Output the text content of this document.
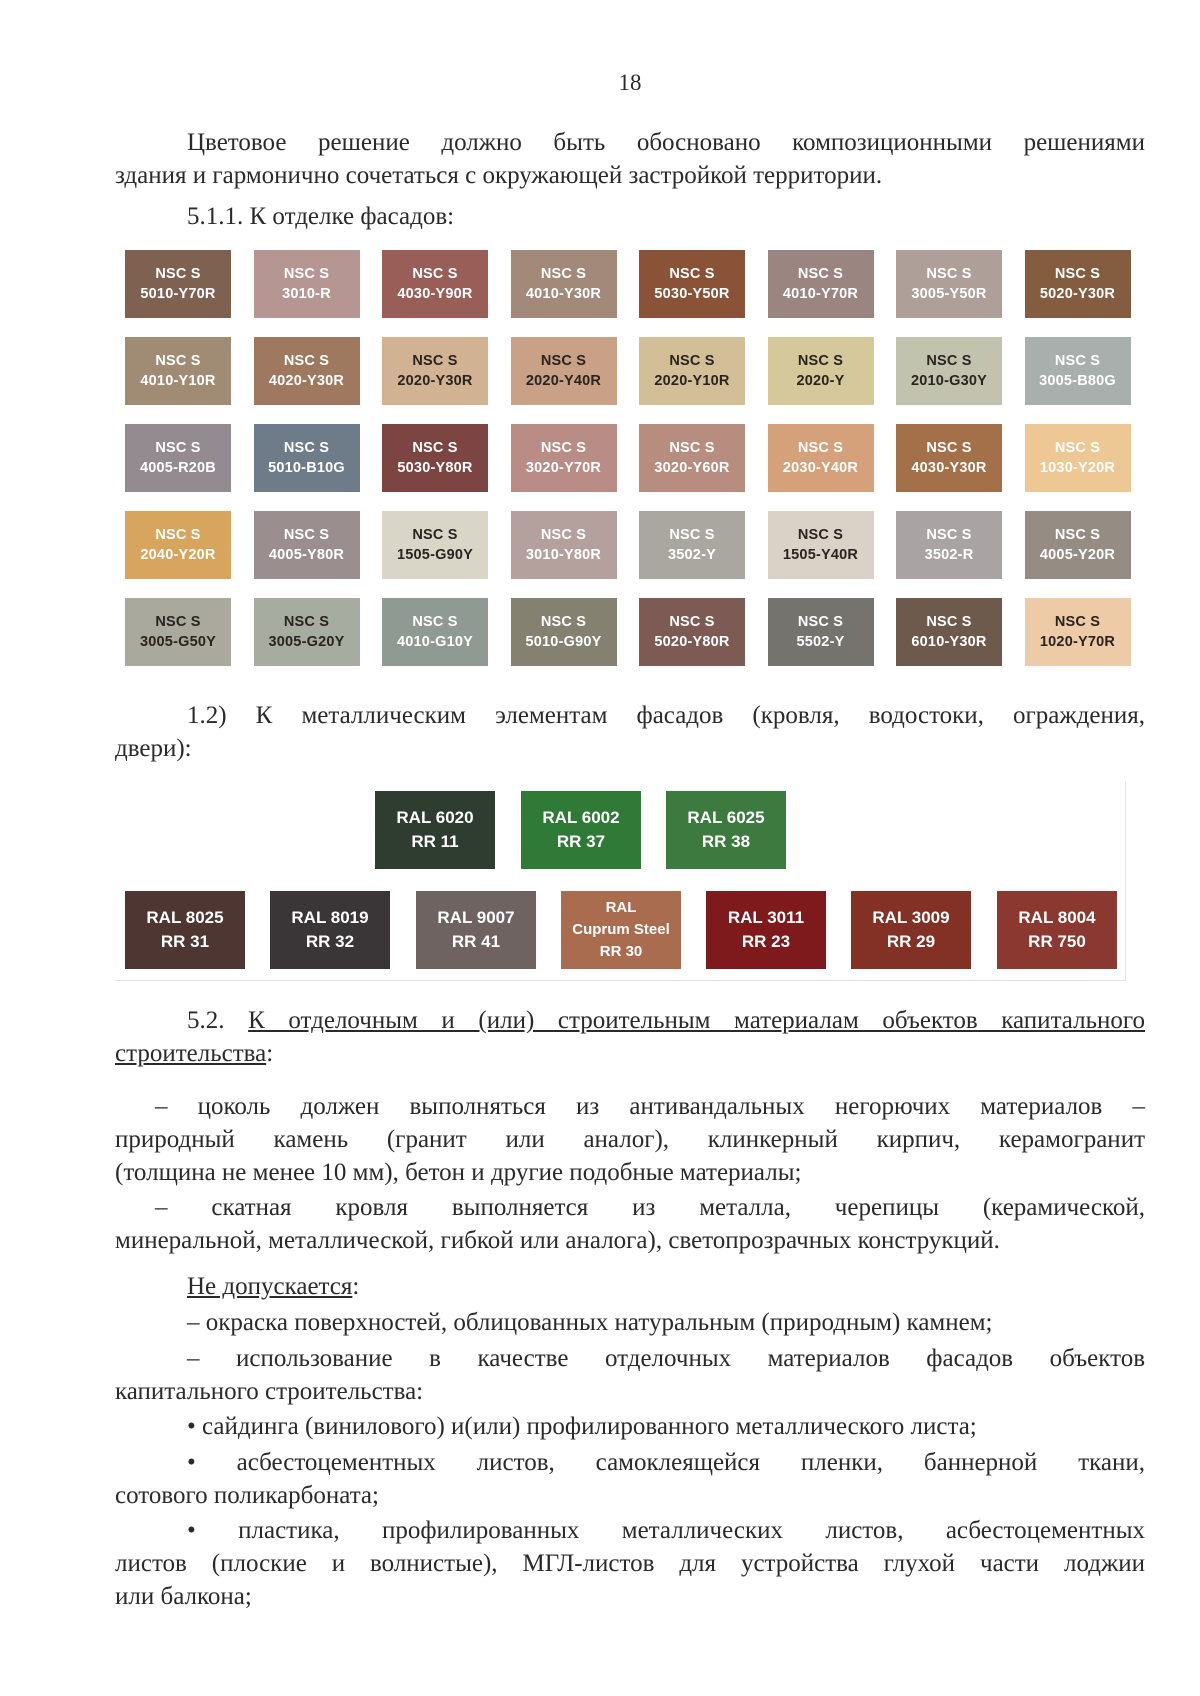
18

Цветовое решение должно быть обосновано композиционными решениями

здания и гармонично сочетаться с окружающей застройкой территории.

5.1.1. К отделке фасадов:

NSC S
5010-Y70R
NSC S
3010-R
NSC S
4030-Y90R
NSC S
4010-Y30R
NSC S
5030-Y50R
NSC S
4010-Y70R
NSC S
3005-Y50R
NSC S
5020-Y30R
NSC S
4010-Y10R
NSC S
4020-Y30R
NSC S
2020-Y30R
NSC S
2020-Y40R
NSC S
2020-Y10R
NSC S
2020-Y
NSC S
2010-G30Y
NSC S
3005-B80G
NSC S
4005-R20B
NSC S
5010-B10G
NSC S
5030-Y80R
NSC S
3020-Y70R
NSC S
3020-Y60R
NSC S
2030-Y40R
NSC S
4030-Y30R
NSC S
1030-Y20R
NSC S
2040-Y20R
NSC S
4005-Y80R
NSC S
1505-G90Y
NSC S
3010-Y80R
NSC S
3502-Y
NSC S
1505-Y40R
NSC S
3502-R
NSC S
4005-Y20R
NSC S
3005-G50Y
NSC S
3005-G20Y
NSC S
4010-G10Y
NSC S
5010-G90Y
NSC S
5020-Y80R
NSC S
5502-Y
NSC S
6010-Y30R
NSC S
1020-Y70R

1.2) К металлическим элементам фасадов (кровля, водостоки, ограждения,

двери):

RAL 6020
RR 11
RAL 6002
RR 37
RAL 6025
RR 38
RAL 8025
RR 31
RAL 8019
RR 32
RAL 9007
RR 41
RAL
Cuprum Steel
RR 30
RAL 3011
RR 23
RAL 3009
RR 29
RAL 8004
RR 750

5.2. К отделочным и (или) строительным материалам объектов капитального

строительства:

– цоколь должен выполняться из антивандальных негорючих материалов –

природный камень (гранит или аналог), клинкерный кирпич, керамогранит

(толщина не менее 10 мм), бетон и другие подобные материалы;

– скатная кровля выполняется из металла, черепицы (керамической,

минеральной, металлической, гибкой или аналога), светопрозрачных конструкций.

Не допускается:

– окраска поверхностей, облицованных натуральным (природным) камнем;

– использование в качестве отделочных материалов фасадов объектов

капитального строительства:

• сайдинга (винилового) и(или) профилированного металлического листа;

• асбестоцементных листов, самоклеящейся пленки, баннерной ткани,

сотового поликарбоната;

• пластика, профилированных металлических листов, асбестоцементных

листов (плоские и волнистые), МГЛ-листов для устройства глухой части лоджии

или балкона;
